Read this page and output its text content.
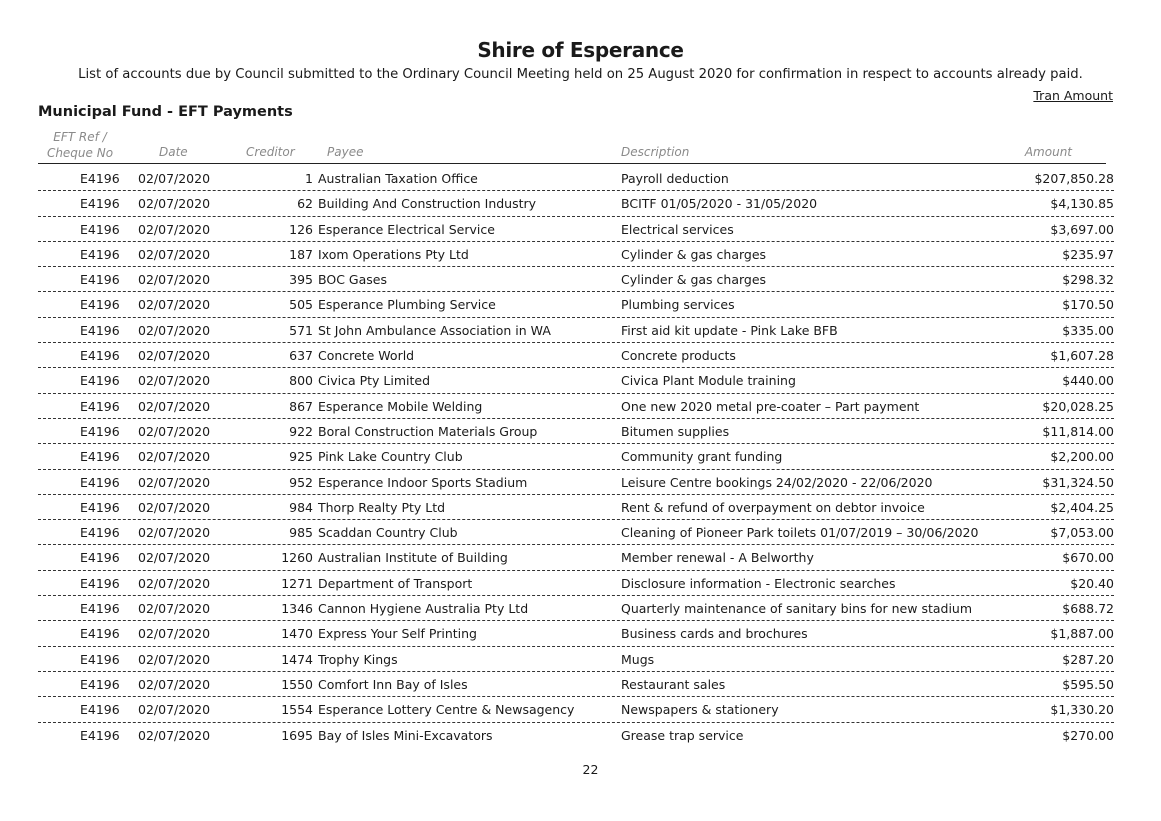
Shire of Esperance
List of accounts due by Council submitted to the Ordinary Council Meeting held on 25 August 2020 for confirmation in respect to accounts already paid.
Tran Amount
Municipal Fund - EFT Payments
EFT Ref /
Cheque No	Date	Creditor	Payee	Description	Amount
E4196 02/07/2020	1 Australian Taxation Office	Payroll deduction	$207,850.28
E4196 02/07/2020	62 Building And Construction Industry	BCITF 01/05/2020 - 31/05/2020	$4,130.85
E4196 02/07/2020	126 Esperance Electrical Service	Electrical services	$3,697.00
E4196 02/07/2020	187 Ixom Operations Pty Ltd	Cylinder & gas charges	$235.97
E4196 02/07/2020	395 BOC Gases	Cylinder & gas charges	$298.32
E4196 02/07/2020	505 Esperance Plumbing Service	Plumbing services	$170.50
E4196 02/07/2020	571 St John Ambulance Association in WA	First aid kit update - Pink Lake BFB	$335.00
E4196 02/07/2020	637 Concrete World	Concrete products	$1,607.28
E4196 02/07/2020	800 Civica Pty Limited	Civica Plant Module training	$440.00
E4196 02/07/2020	867 Esperance Mobile Welding	One new 2020 metal pre-coater – Part payment	$20,028.25
E4196 02/07/2020	922 Boral Construction Materials Group	Bitumen supplies	$11,814.00
E4196 02/07/2020	925 Pink Lake Country Club	Community grant funding	$2,200.00
E4196 02/07/2020	952 Esperance Indoor Sports Stadium	Leisure Centre bookings 24/02/2020 - 22/06/2020	$31,324.50
E4196 02/07/2020	984 Thorp Realty Pty Ltd	Rent & refund of overpayment on debtor invoice	$2,404.25
E4196 02/07/2020	985 Scaddan Country Club	Cleaning of Pioneer Park toilets 01/07/2019 – 30/06/2020	$7,053.00
E4196 02/07/2020	1260 Australian Institute of Building	Member renewal - A Belworthy	$670.00
E4196 02/07/2020	1271 Department of Transport	Disclosure information - Electronic searches	$20.40
E4196 02/07/2020	1346 Cannon Hygiene Australia Pty Ltd	Quarterly maintenance of sanitary bins for new stadium	$688.72
E4196 02/07/2020	1470 Express Your Self Printing	Business cards and brochures	$1,887.00
E4196 02/07/2020	1474 Trophy Kings	Mugs	$287.20
E4196 02/07/2020	1550 Comfort Inn Bay of Isles	Restaurant sales	$595.50
E4196 02/07/2020	1554 Esperance Lottery Centre & Newsagency	Newspapers & stationery	$1,330.20
E4196 02/07/2020	1695 Bay of Isles Mini-Excavators	Grease trap service	$270.00
22
